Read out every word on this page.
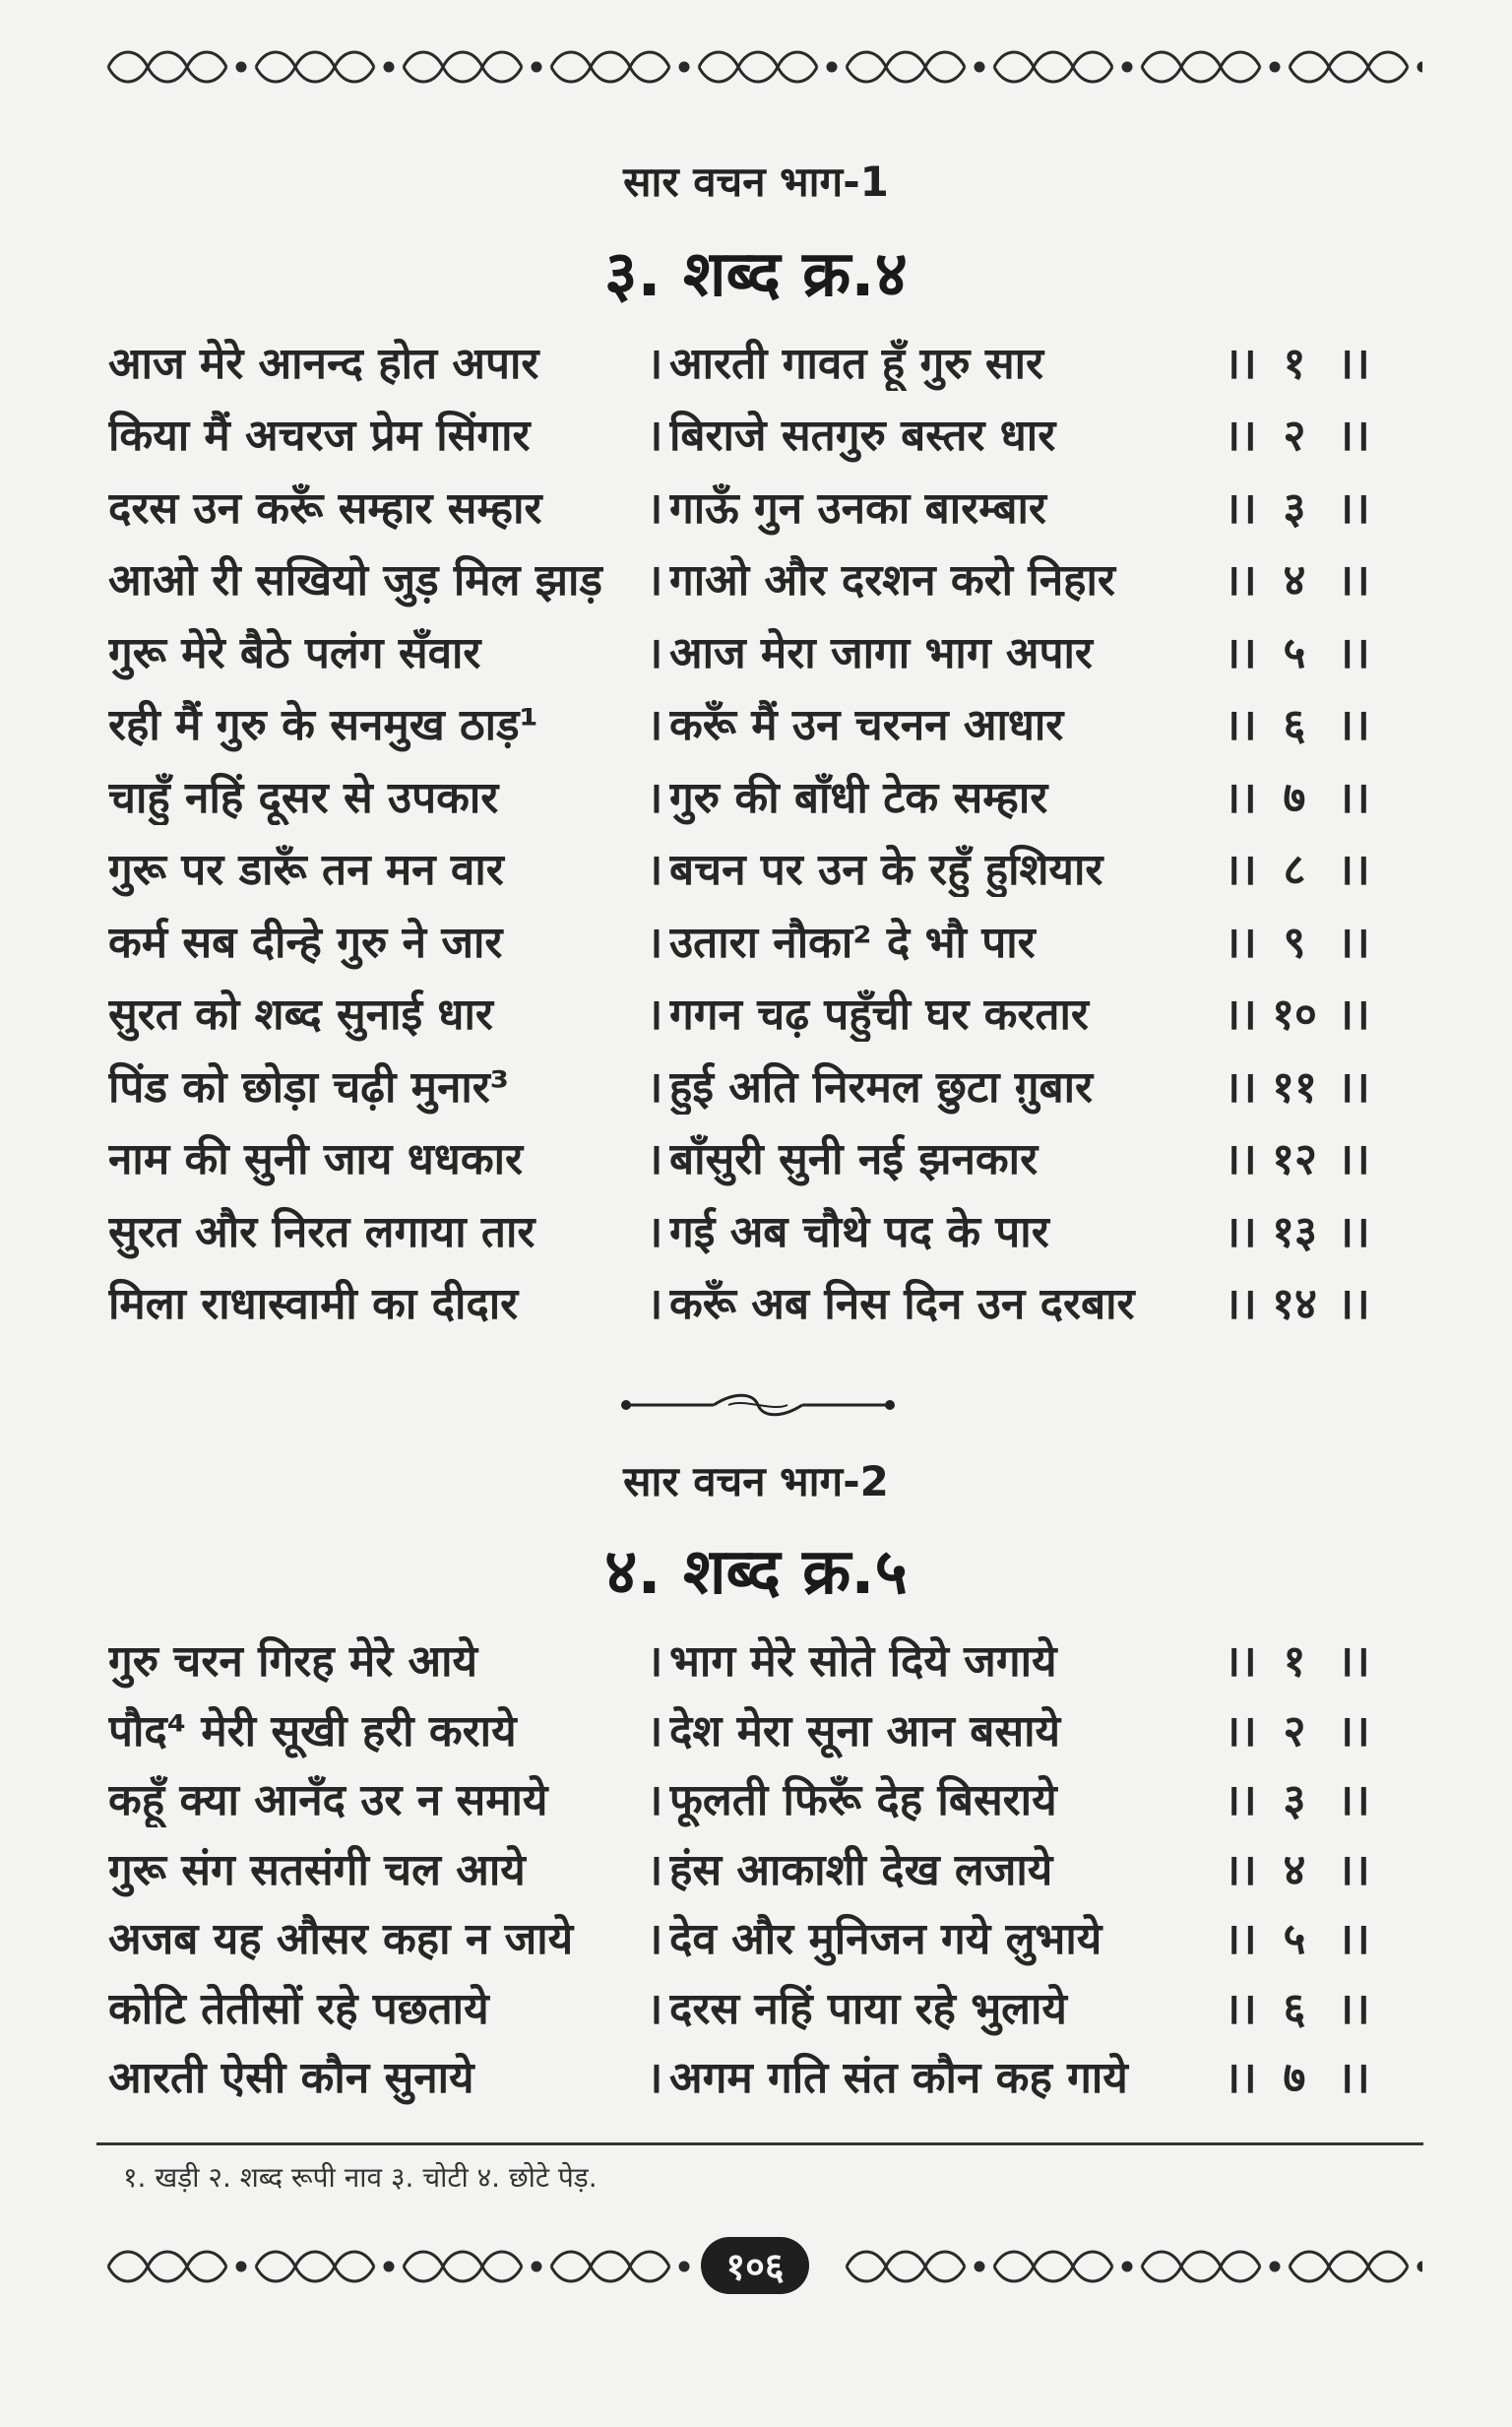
सार वचन भाग-1
३. शब्द क्र.४
आज मेरे आनन्द होत अपार	। आरती गावत हूँ गुरु सार	।। १ ।।
किया मैं अचरज प्रेम सिंगार	। बिराजे सतगुरु बस्तर धार	।। २ ।।
दरस उन करूँ सम्हार सम्हार	। गाऊँ गुन उनका बारम्बार	।। ३ ।।
आओ री सखियो जुड़ मिल झाड़	। गाओ और दरशन करो निहार	।। ४ ।।
गुरू मेरे बैठे पलंग सँवार	। आज मेरा जागा भाग अपार	।। ५ ।।
रही मैं गुरु के सनमुख ठाड़¹	। करूँ मैं उन चरनन आधार	।। ६ ।।
चाहुँ नहिं दूसर से उपकार	। गुरु की बाँधी टेक सम्हार	।। ७ ।।
गुरू पर डारूँ तन मन वार	। बचन पर उन के रहुँ हुशियार	।। ८ ।।
कर्म सब दीन्हे गुरु ने जार	। उतारा नौका² दे भौ पार	।। ९ ।।
सुरत को शब्द सुनाई धार	। गगन चढ़ पहुँची घर करतार	।। १० ।।
पिंड को छोड़ा चढ़ी मुनार³	। हुई अति निरमल छुटा ग़ुबार	।। ११ ।।
नाम की सुनी जाय धधकार	। बाँसुरी सुनी नई झनकार	।। १२ ।।
सुरत और निरत लगाया तार	। गई अब चौथे पद के पार	।। १३ ।।
मिला राधास्वामी का दीदार	। करूँ अब निस दिन उन दरबार	।। १४ ।।
सार वचन भाग-2
४. शब्द क्र.५
गुरु चरन गिरह मेरे आये	। भाग मेरे सोते दिये जगाये	।। १ ।।
पौद⁴ मेरी सूखी हरी कराये	। देश मेरा सूना आन बसाये	।। २ ।।
कहूँ क्या आनँद उर न समाये	। फूलती फिरूँ देह बिसराये	।। ३ ।।
गुरू संग सतसंगी चल आये	। हंस आकाशी देख लजाये	।। ४ ।।
अजब यह औसर कहा न जाये	। देव और मुनिजन गये लुभाये	।। ५ ।।
कोटि तेतीसों रहे पछताये	। दरस नहिं पाया रहे भुलाये	।। ६ ।।
आरती ऐसी कौन सुनाये	। अगम गति संत कौन कह गाये	।। ७ ।।
१. खड़ी २. शब्द रूपी नाव ३. चोटी ४. छोटे पेड़.
१०६
